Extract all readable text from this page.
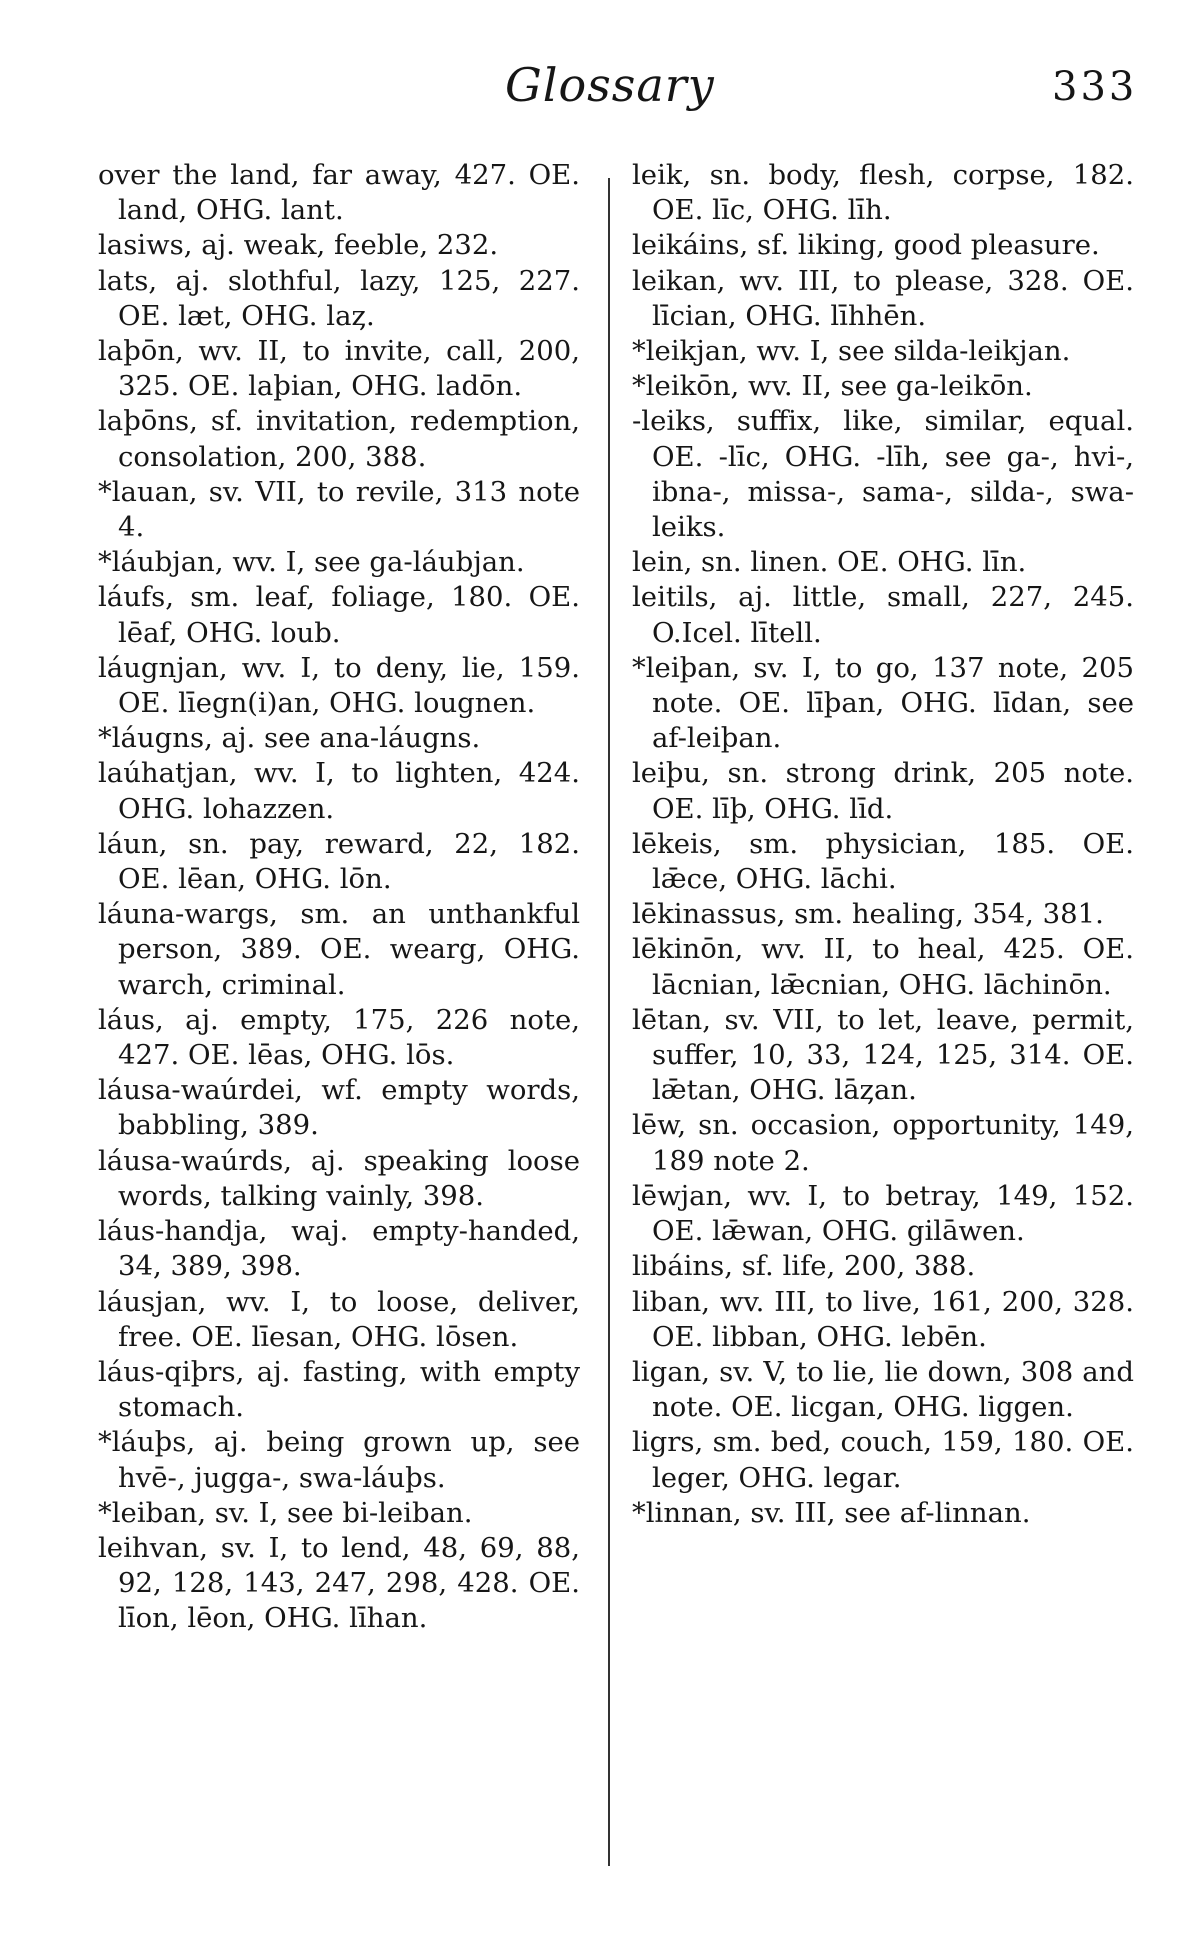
Glossary	333

over the land, far away, 427. OE. land, OHG. lant.

lasiws, aj. weak, feeble, 232.

lats, aj. slothful, lazy, 125, 227. OE. læt, OHG. laȥ.

laþōn, wv. II, to invite, call, 200, 325. OE. laþian, OHG. ladōn.

laþōns, sf. invitation, redemption, consolation, 200, 388.

*lauan, sv. VII, to revile, 313 note 4.

*láubjan, wv. I, see ga-láubjan.

láufs, sm. leaf, foliage, 180. OE. lēaf, OHG. loub.

láugnjan, wv. I, to deny, lie, 159. OE. līegn(i)an, OHG. lougnen.

*láugns, aj. see ana-láugns.

laúhatjan, wv. I, to lighten, 424. OHG. lohazzen.

láun, sn. pay, reward, 22, 182. OE. lēan, OHG. lōn.

láuna-wargs, sm. an unthankful person, 389. OE. wearg, OHG. warch, criminal.

láus, aj. empty, 175, 226 note, 427. OE. lēas, OHG. lōs.

láusa-waúrdei, wf. empty words, babbling, 389.

láusa-waúrds, aj. speaking loose words, talking vainly, 398.

láus-handja, waj. empty-handed, 34, 389, 398.

láusjan, wv. I, to loose, deliver, free. OE. līesan, OHG. lōsen.

láus-qiþrs, aj. fasting, with empty stomach.

*láuþs, aj. being grown up, see hvē-, jugga-, swa-láuþs.

*leiban, sv. I, see bi-leiban.

leihvan, sv. I, to lend, 48, 69, 88, 92, 128, 143, 247, 298, 428. OE. līon, lēon, OHG. līhan.

leik, sn. body, flesh, corpse, 182. OE. līc, OHG. līh.

leikáins, sf. liking, good pleasure.

leikan, wv. III, to please, 328. OE. līcian, OHG. līhhēn.

*leikjan, wv. I, see silda-leikjan.

*leikōn, wv. II, see ga-leikōn.

-leiks, suffix, like, similar, equal. OE. -līc, OHG. -līh, see ga-, hvi-, ibna-, missa-, sama-, silda-, swa-leiks.

lein, sn. linen. OE. OHG. līn.

leitils, aj. little, small, 227, 245. O.Icel. lītell.

*leiþan, sv. I, to go, 137 note, 205 note. OE. līþan, OHG. līdan, see af-leiþan.

leiþu, sn. strong drink, 205 note. OE. līþ, OHG. līd.

lēkeis, sm. physician, 185. OE. lǣce, OHG. lāchi.

lēkinassus, sm. healing, 354, 381.

lēkinōn, wv. II, to heal, 425. OE. lācnian, lǣcnian, OHG. lāchinōn.

lētan, sv. VII, to let, leave, permit, suffer, 10, 33, 124, 125, 314. OE. lǣtan, OHG. lāȥan.

lēw, sn. occasion, opportunity, 149, 189 note 2.

lēwjan, wv. I, to betray, 149, 152. OE. lǣwan, OHG. gilāwen.

libáins, sf. life, 200, 388.

liban, wv. III, to live, 161, 200, 328. OE. libban, OHG. lebēn.

ligan, sv. V, to lie, lie down, 308 and note. OE. licgan, OHG. liggen.

ligrs, sm. bed, couch, 159, 180. OE. leger, OHG. legar.

*linnan, sv. III, see af-linnan.
